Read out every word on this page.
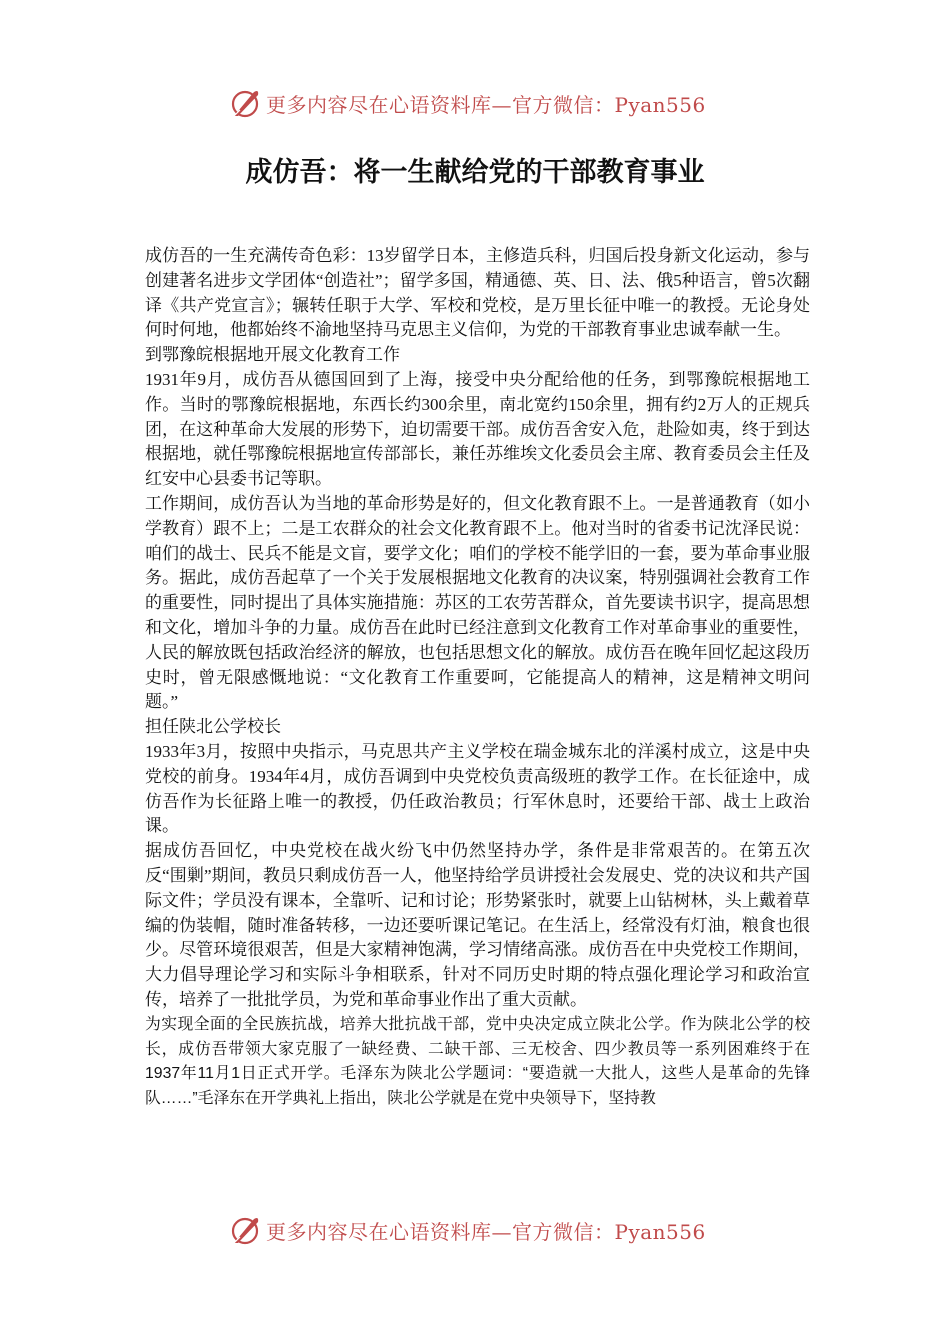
更多内容尽在心语资料库—官方微信：Pyan556
成仿吾：将一生献给党的干部教育事业

成仿吾的一生充满传奇色彩：13岁留学日本，主修造兵科，归国后投身新文化运动，参与创建著名进步文学团体“创造社”；留学多国，精通德、英、日、法、俄5种语言，曾5次翻译《共产党宣言》；辗转任职于大学、军校和党校，是万里长征中唯一的教授。无论身处何时何地，他都始终不渝地坚持马克思主义信仰，为党的干部教育事业忠诚奉献一生。

到鄂豫皖根据地开展文化教育工作

1931年9月，成仿吾从德国回到了上海，接受中央分配给他的任务，到鄂豫皖根据地工作。当时的鄂豫皖根据地，东西长约300余里，南北宽约150余里，拥有约2万人的正规兵团，在这种革命大发展的形势下，迫切需要干部。成仿吾舍安入危，赴险如夷，终于到达根据地，就任鄂豫皖根据地宣传部部长，兼任苏维埃文化委员会主席、教育委员会主任及红安中心县委书记等职。

工作期间，成仿吾认为当地的革命形势是好的，但文化教育跟不上。一是普通教育（如小学教育）跟不上；二是工农群众的社会文化教育跟不上。他对当时的省委书记沈泽民说：咱们的战士、民兵不能是文盲，要学文化；咱们的学校不能学旧的一套，要为革命事业服务。据此，成仿吾起草了一个关于发展根据地文化教育的决议案，特别强调社会教育工作的重要性，同时提出了具体实施措施：苏区的工农劳苦群众，首先要读书识字，提高思想和文化，增加斗争的力量。成仿吾在此时已经注意到文化教育工作对革命事业的重要性，人民的解放既包括政治经济的解放，也包括思想文化的解放。成仿吾在晚年回忆起这段历史时，曾无限感慨地说：“文化教育工作重要呵，它能提高人的精神，这是精神文明问题。”

担任陕北公学校长

1933年3月，按照中央指示，马克思共产主义学校在瑞金城东北的洋溪村成立，这是中央党校的前身。1934年4月，成仿吾调到中央党校负责高级班的教学工作。在长征途中，成仿吾作为长征路上唯一的教授，仍任政治教员；行军休息时，还要给干部、战士上政治课。

据成仿吾回忆，中央党校在战火纷飞中仍然坚持办学，条件是非常艰苦的。在第五次反“围剿”期间，教员只剩成仿吾一人，他坚持给学员讲授社会发展史、党的决议和共产国际文件；学员没有课本，全靠听、记和讨论；形势紧张时，就要上山钻树林，头上戴着草编的伪装帽，随时准备转移，一边还要听课记笔记。在生活上，经常没有灯油，粮食也很少。尽管环境很艰苦，但是大家精神饱满，学习情绪高涨。成仿吾在中央党校工作期间，大力倡导理论学习和实际斗争相联系，针对不同历史时期的特点强化理论学习和政治宣传，培养了一批批学员，为党和革命事业作出了重大贡献。

为实现全面的全民族抗战，培养大批抗战干部，党中央决定成立陕北公学。作为陕北公学的校长，成仿吾带领大家克服了一缺经费、二缺干部、三无校舍、四少教员等一系列困难终于在1937年11月1日正式开学。毛泽东为陕北公学题词：“要造就一大批人，这些人是革命的先锋队……”毛泽东在开学典礼上指出，陕北公学就是在党中央领导下，坚持教

更多内容尽在心语资料库—官方微信：Pyan556
